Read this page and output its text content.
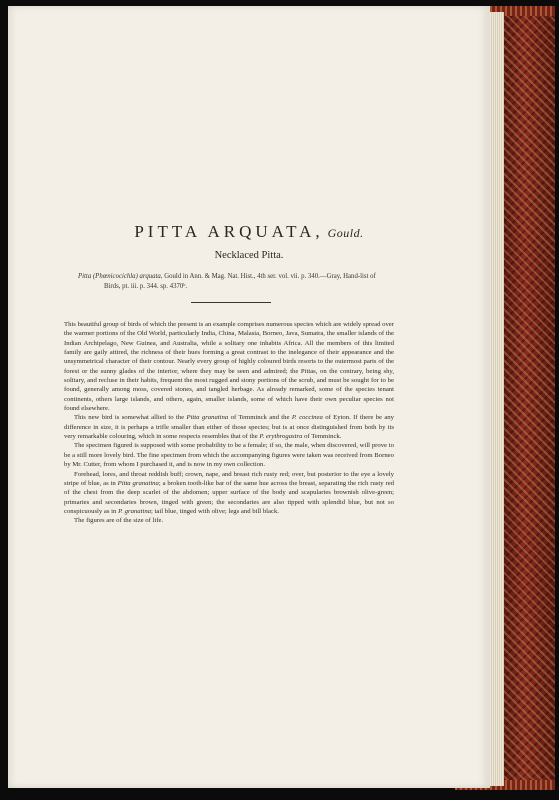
PITTA ARQUATA, Gould.
Necklaced Pitta.
Pitta (Phœnicocichla) arquata, Gould in Ann. & Mag. Nat. Hist., 4th ser. vol. vii. p. 340.—Gray, Hand-list of
Birds, pt. iii. p. 344. sp. 4370ᵇ.

This beautiful group of birds of which the present is an example comprises numerous species which are widely spread over the warmer portions of the Old World, particularly India, China, Malasia, Borneo, Java, Sumatra, the smaller islands of the Indian Archipelago, New Guinea, and Australia, while a solitary one inhabits Africa. All the members of this limited family are gaily attired, the richness of their hues forming a great contrast to the inelegance of their appearance and the unsymmetrical character of their contour. Nearly every group of highly coloured birds resorts to the outermost parts of the forest or the sunny glades of the interior, where they may be seen and admired; the Pittas, on the contrary, being shy, solitary, and recluse in their habits, frequent the most rugged and stony portions of the scrub, and must be sought for to be found, generally among moss, covered stones, and tangled herbage. As already remarked, some of the species tenant continents, others large islands, and others, again, smaller islands, some of which have their own peculiar species not found elsewhere.

This new bird is somewhat allied to the Pitta granatina of Temminck and the P. coccinea of Eyton. If there be any difference in size, it is perhaps a trifle smaller than either of those species; but is at once distinguished from both by its very remarkable colouring, which in some respects resembles that of the P. erythrogastra of Temminck.

The specimen figured is supposed with some probability to be a female; if so, the male, when discovered, will prove to be a still more lovely bird. The fine specimen from which the accompanying figures were taken was received from Borneo by Mr. Cutter, from whom I purchased it, and is now in my own collection.

Forehead, lores, and throat reddish buff; crown, nape, and breast rich rusty red; over, but posterior to the eye a lovely stripe of blue, as in Pitta granatina; a broken tooth-like bar of the same hue across the breast, separating the rich rusty red of the chest from the deep scarlet of the abdomen; upper surface of the body and scapularies brownish olive-green; primaries and secondaries brown, tinged with green; the secondaries are also tipped with splendid blue, but not so conspicuously as in P. granatina; tail blue, tinged with olive; legs and bill black.

The figures are of the size of life.
